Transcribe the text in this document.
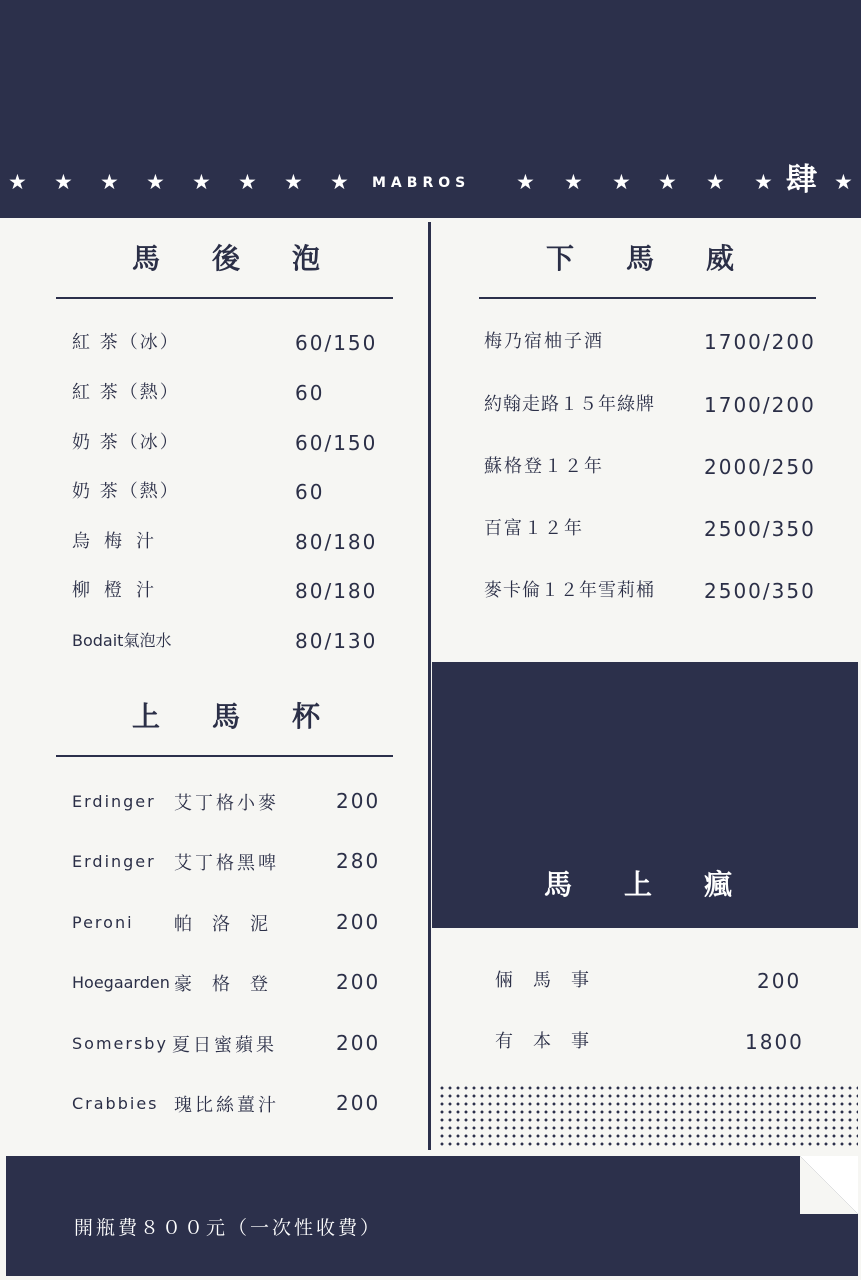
★ ★ ★ ★ ★ ★ ★ ★ MABROS ★ ★ ★ ★ ★ ★ 肆 ★
馬後泡
紅 茶（冰）	60/150
紅 茶（熱）	60
奶 茶（冰）	60/150
奶 茶（熱）	60
烏梅汁	80/180
柳橙汁	80/180
Bodait氣泡水	80/130
上馬杯
Erdinger 艾丁格小麥	200
Erdinger 艾丁格黑啤	280
Peroni 帕洛泥 200
Hoegaarden 豪格登 200
Somersby 夏日蜜蘋果	200
Crabbies 瑰比絲薑汁	200
下馬威
梅乃宿柚子酒	1700/200
約翰走路１５年綠牌 1700/200
蘇格登１２年	2000/250
百富１２年	2500/350
麥卡倫１２年雪莉桶 2500/350
馬上瘋
倆馬事	200
有本事	1800
開瓶費８００元（一次性收費）
